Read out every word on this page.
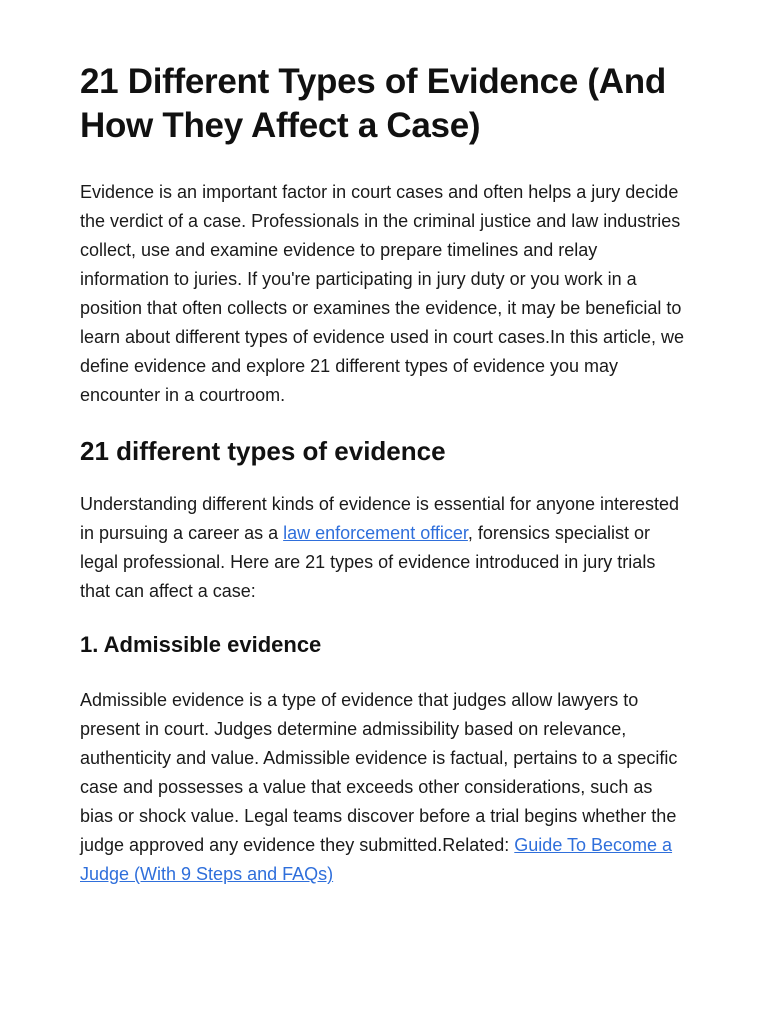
21 Different Types of Evidence (And How They Affect a Case)

Evidence is an important factor in court cases and often helps a jury decide the verdict of a case. Professionals in the criminal justice and law industries collect, use and examine evidence to prepare timelines and relay information to juries. If you're participating in jury duty or you work in a position that often collects or examines the evidence, it may be beneficial to learn about different types of evidence used in court cases.In this article, we define evidence and explore 21 different types of evidence you may encounter in a courtroom.

21 different types of evidence

Understanding different kinds of evidence is essential for anyone interested in pursuing a career as a law enforcement officer, forensics specialist or legal professional. Here are 21 types of evidence introduced in jury trials that can affect a case:

1. Admissible evidence

Admissible evidence is a type of evidence that judges allow lawyers to present in court. Judges determine admissibility based on relevance, authenticity and value. Admissible evidence is factual, pertains to a specific case and possesses a value that exceeds other considerations, such as bias or shock value. Legal teams discover before a trial begins whether the judge approved any evidence they submitted.Related: Guide To Become a Judge (With 9 Steps and FAQs)
